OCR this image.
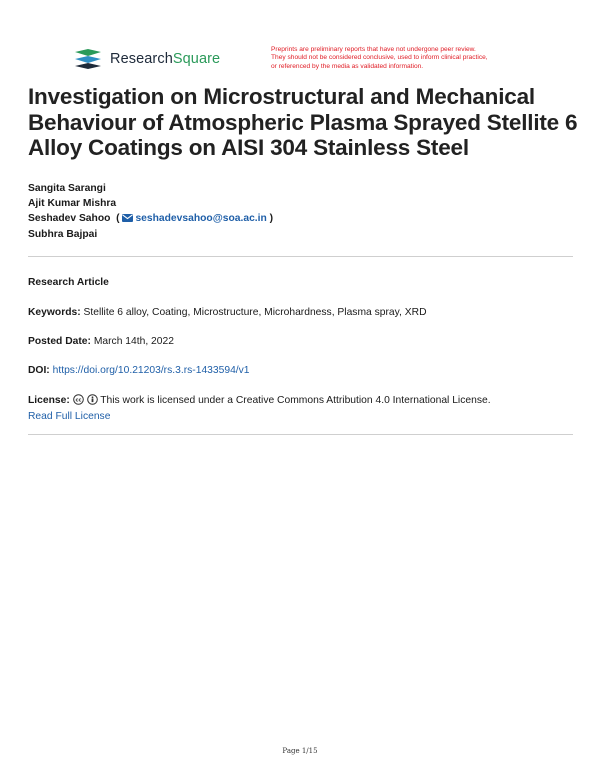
ResearchSquare
Preprints are preliminary reports that have not undergone peer review.
They should not be considered conclusive, used to inform clinical practice,
or referenced by the media as validated information.
Investigation on Microstructural and Mechanical Behaviour of Atmospheric Plasma Sprayed Stellite 6 Alloy Coatings on AISI 304 Stainless Steel
Sangita Sarangi
Ajit Kumar Mishra
Seshadev Sahoo  ( seshadevsahoo@soa.ac.in )
Subhra Bajpai
Research Article
Keywords: Stellite 6 alloy, Coating, Microstructure, Microhardness, Plasma spray, XRD
Posted Date: March 14th, 2022
DOI: https://doi.org/10.21203/rs.3.rs-1433594/v1
License: cc This work is licensed under a Creative Commons Attribution 4.0 International License.
Read Full License
Page 1/15
